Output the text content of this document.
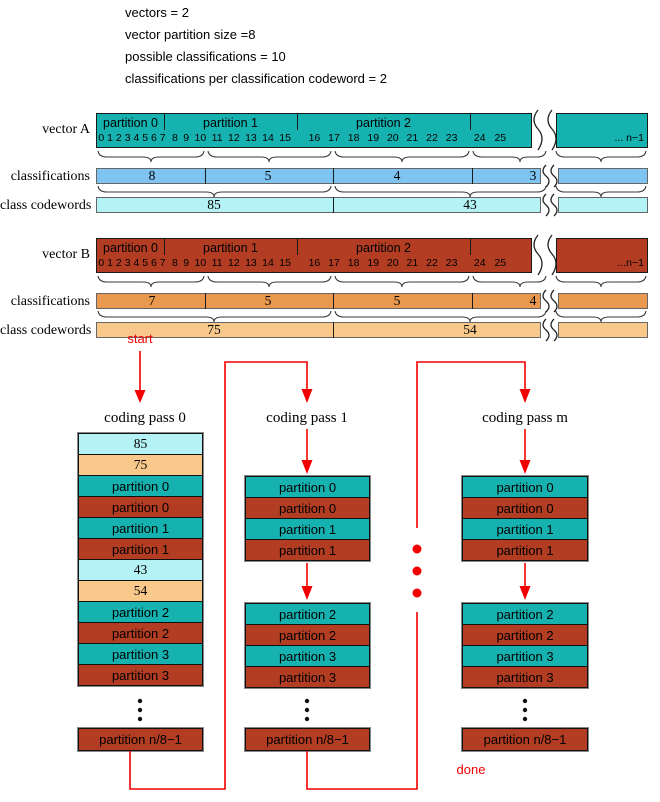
vectors = 2
vector partition size =8
possible classifications = 10
classifications per classification codeword = 2
vector A	partition 0	partition 1	partition 2
0 1 2 3 4 5 6 7 8 9 10 11 12 13 14 15	16 17 18 19 20 21 22 23	24 25	... n−1
classifications	8	5	4	3
class codewords	85	43
vector B	partition 0	partition 1	partition 2
0 1 2 3 4 5 6 7 8 9 10 11 12 13 14 15	16 17 18 19 20 21 22 23	24 25	...n−1
classifications	7	5	5	4
class codewords	75	54
start
done
coding pass 0	coding pass 1	coding pass m
85
75
partition 0
partition 0
partition 1
partition 1
43
54
partition 2
partition 2
partition 3
partition 3
partition n/8−1
partition 0
partition 0
partition 1
partition 1
partition 2
partition 2
partition 3
partition 3
partition n/8−1
partition 0
partition 0
partition 1
partition 1
partition 2
partition 2
partition 3
partition 3
partition n/8−1
